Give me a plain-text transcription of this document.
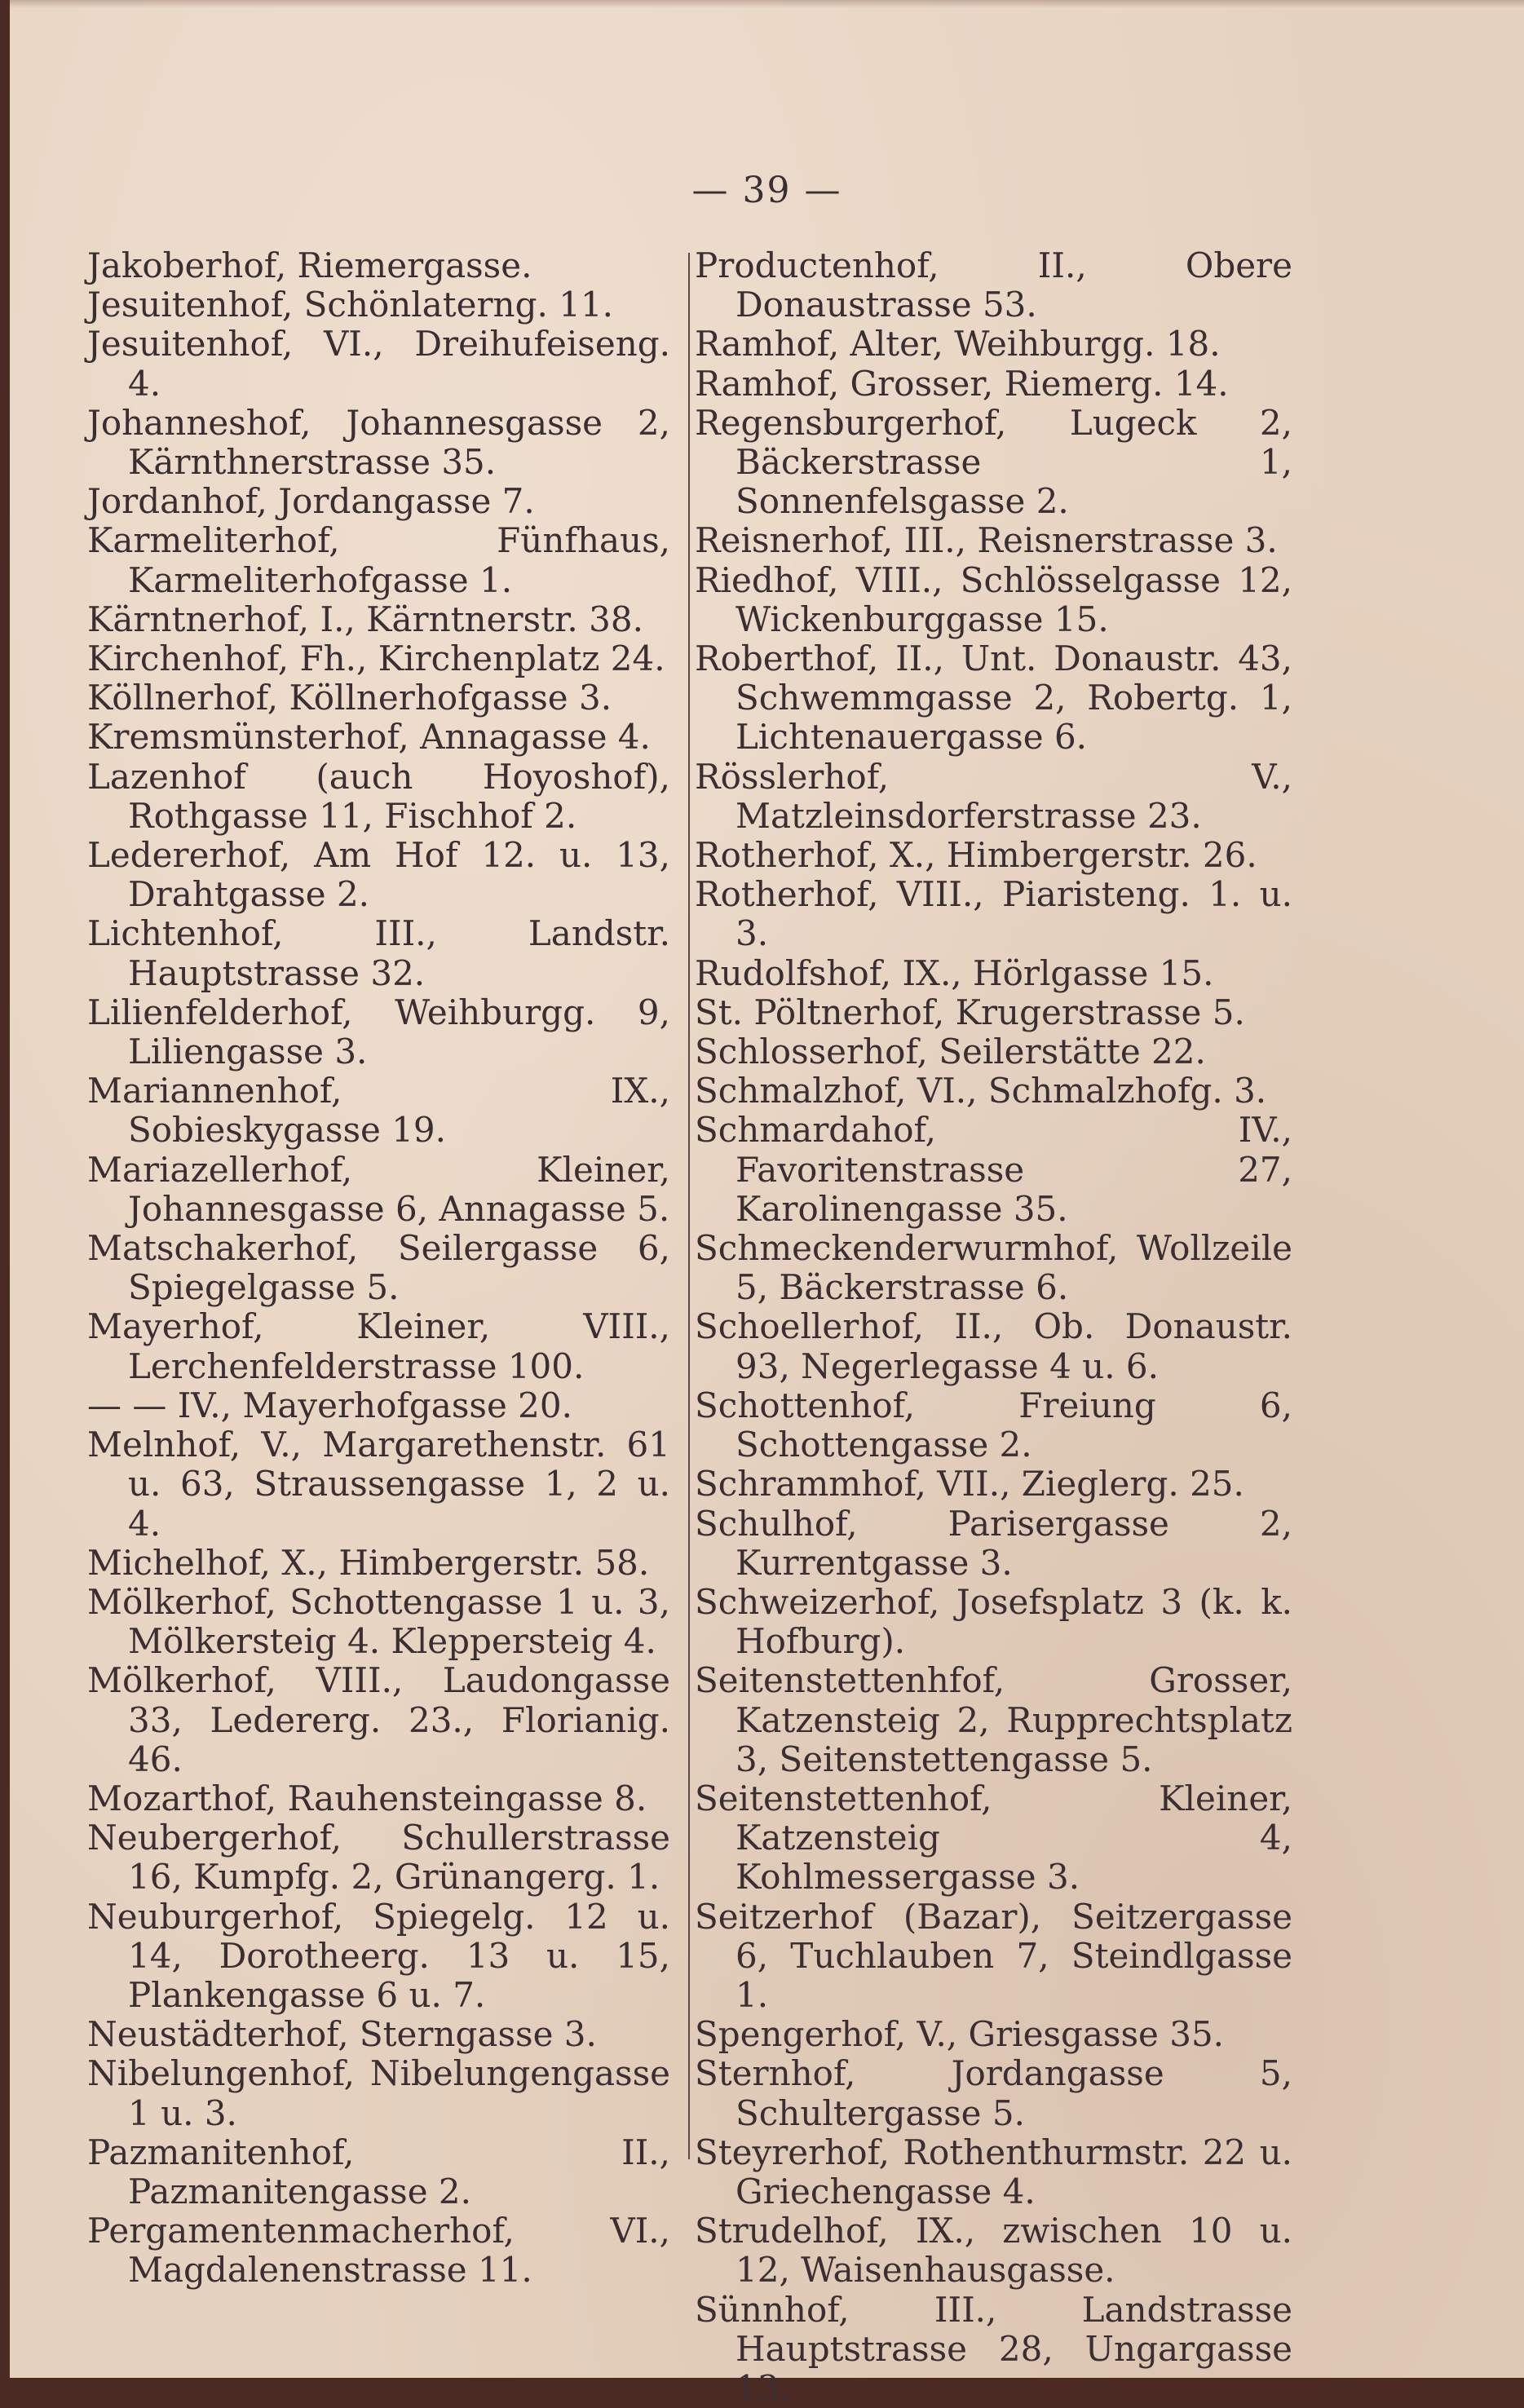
— 39 —
Jakoberhof, Riemergasse.
Jesuitenhof, Schönlaterng. 11.
Jesuitenhof, VI., Dreihufeiseng. 4.
Johanneshof, Johannesgasse 2, Kärnthnerstrasse 35.
Jordanhof, Jordangasse 7.
Karmeliterhof, Fünfhaus, Karmeliterhofgasse 1.
Kärntnerhof, I., Kärntnerstr. 38.
Kirchenhof, Fh., Kirchenplatz 24.
Köllnerhof, Köllnerhofgasse 3.
Kremsmünsterhof, Annagasse 4.
Lazenhof (auch Hoyoshof), Rothgasse 11, Fischhof 2.
Ledererhof, Am Hof 12. u. 13, Drahtgasse 2.
Lichtenhof, III., Landstr. Hauptstrasse 32.
Lilienfelderhof, Weihburgg. 9, Liliengasse 3.
Mariannenhof, IX., Sobieskygasse 19.
Mariazellerhof, Kleiner, Johannesgasse 6, Annagasse 5.
Matschakerhof, Seilergasse 6, Spiegelgasse 5.
Mayerhof, Kleiner, VIII., Lerchenfelderstrasse 100.
— — IV., Mayerhofgasse 20.
Melnhof, V., Margarethenstr. 61 u. 63, Straussengasse 1, 2 u. 4.
Michelhof, X., Himbergerstr. 58.
Mölkerhof, Schottengasse 1 u. 3, Mölkersteig 4. Kleppersteig 4.
Mölkerhof, VIII., Laudongasse 33, Ledererg. 23., Florianig. 46.
Mozarthof, Rauhensteingasse 8.
Neubergerhof, Schullerstrasse 16, Kumpfg. 2, Grünangerg. 1.
Neuburgerhof, Spiegelg. 12 u. 14, Dorotheerg. 13 u. 15, Plankengasse 6 u. 7.
Neustädterhof, Sterngasse 3.
Nibelungenhof, Nibelungengasse 1 u. 3.
Pazmanitenhof, II., Pazmanitengasse 2.
Pergamentenmacherhof, VI., Magdalenenstrasse 11.
Productenhof, II., Obere Donaustrasse 53.
Ramhof, Alter, Weihburgg. 18.
Ramhof, Grosser, Riemerg. 14.
Regensburgerhof, Lugeck 2, Bäckerstrasse 1, Sonnenfelsgasse 2.
Reisnerhof, III., Reisnerstrasse 3.
Riedhof, VIII., Schlösselgasse 12, Wickenburggasse 15.
Roberthof, II., Unt. Donaustr. 43, Schwemmgasse 2, Robertg. 1, Lichtenauergasse 6.
Rösslerhof, V., Matzleinsdorferstrasse 23.
Rotherhof, X., Himbergerstr. 26.
Rotherhof, VIII., Piaristeng. 1. u. 3.
Rudolfshof, IX., Hörlgasse 15.
St. Pöltnerhof, Krugerstrasse 5.
Schlosserhof, Seilerstätte 22.
Schmalzhof, VI., Schmalzhofg. 3.
Schmardahof, IV., Favoritenstrasse 27, Karolinengasse 35.
Schmeckenderwurmhof, Wollzeile 5, Bäckerstrasse 6.
Schoellerhof, II., Ob. Donaustr. 93, Negerlegasse 4 u. 6.
Schottenhof, Freiung 6, Schottengasse 2.
Schrammhof, VII., Zieglerg. 25.
Schulhof, Parisergasse 2, Kurrentgasse 3.
Schweizerhof, Josefsplatz 3 (k. k. Hofburg).
Seitenstettenhfof, Grosser, Katzensteig 2, Rupprechtsplatz 3, Seitenstettengasse 5.
Seitenstettenhof, Kleiner, Katzensteig 4, Kohlmessergasse 3.
Seitzerhof (Bazar), Seitzergasse 6, Tuchlauben 7, Steindlgasse 1.
Spengerhof, V., Griesgasse 35.
Sternhof, Jordangasse 5, Schultergasse 5.
Steyrerhof, Rothenthurmstr. 22 u. Griechengasse 4.
Strudelhof, IX., zwischen 10 u. 12, Waisenhausgasse.
Sünnhof, III., Landstrasse Hauptstrasse 28, Ungargasse 13.
